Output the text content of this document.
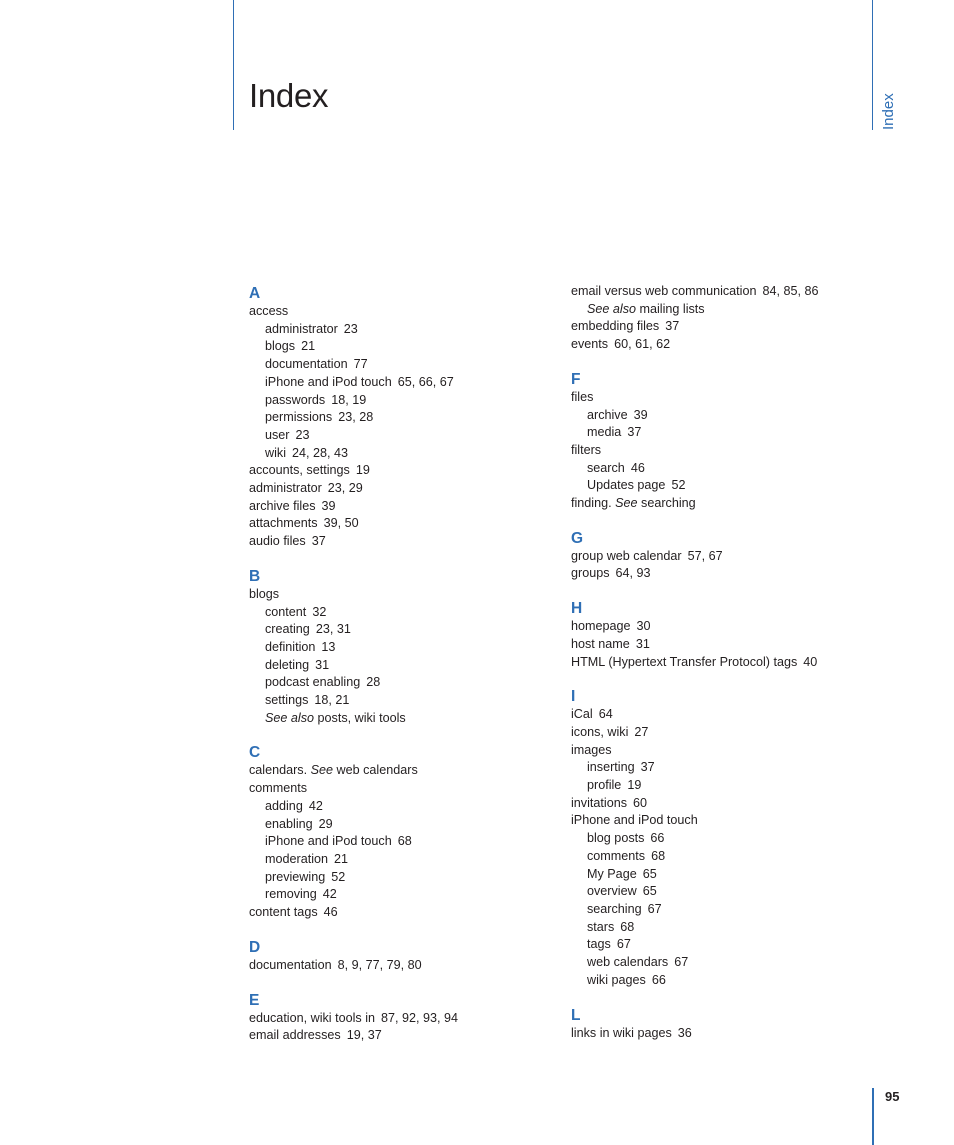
Index	Index
A
access
administrator 23
blogs 21
documentation 77
iPhone and iPod touch 65, 66, 67
passwords 18, 19
permissions 23, 28
user 23
wiki 24, 28, 43
accounts, settings 19
administrator 23, 29
archive files 39
attachments 39, 50
audio files 37
B
blogs
content 32
creating 23, 31
definition 13
deleting 31
podcast enabling 28
settings 18, 21
See also posts, wiki tools
C
calendars. See web calendars
comments
adding 42
enabling 29
iPhone and iPod touch 68
moderation 21
previewing 52
removing 42
content tags 46
D
documentation 8, 9, 77, 79, 80
E
education, wiki tools in 87, 92, 93, 94
email addresses 19, 37
email versus web communication 84, 85, 86
See also mailing lists
embedding files 37
events 60, 61, 62
F
files
archive 39
media 37
filters
search 46
Updates page 52
finding. See searching
G
group web calendar 57, 67
groups 64, 93
H
homepage 30
host name 31
HTML (Hypertext Transfer Protocol) tags 40
I
iCal 64
icons, wiki 27
images
inserting 37
profile 19
invitations 60
iPhone and iPod touch
blog posts 66
comments 68
My Page 65
overview 65
searching 67
stars 68
tags 67
web calendars 67
wiki pages 66
L
links in wiki pages 36
95
